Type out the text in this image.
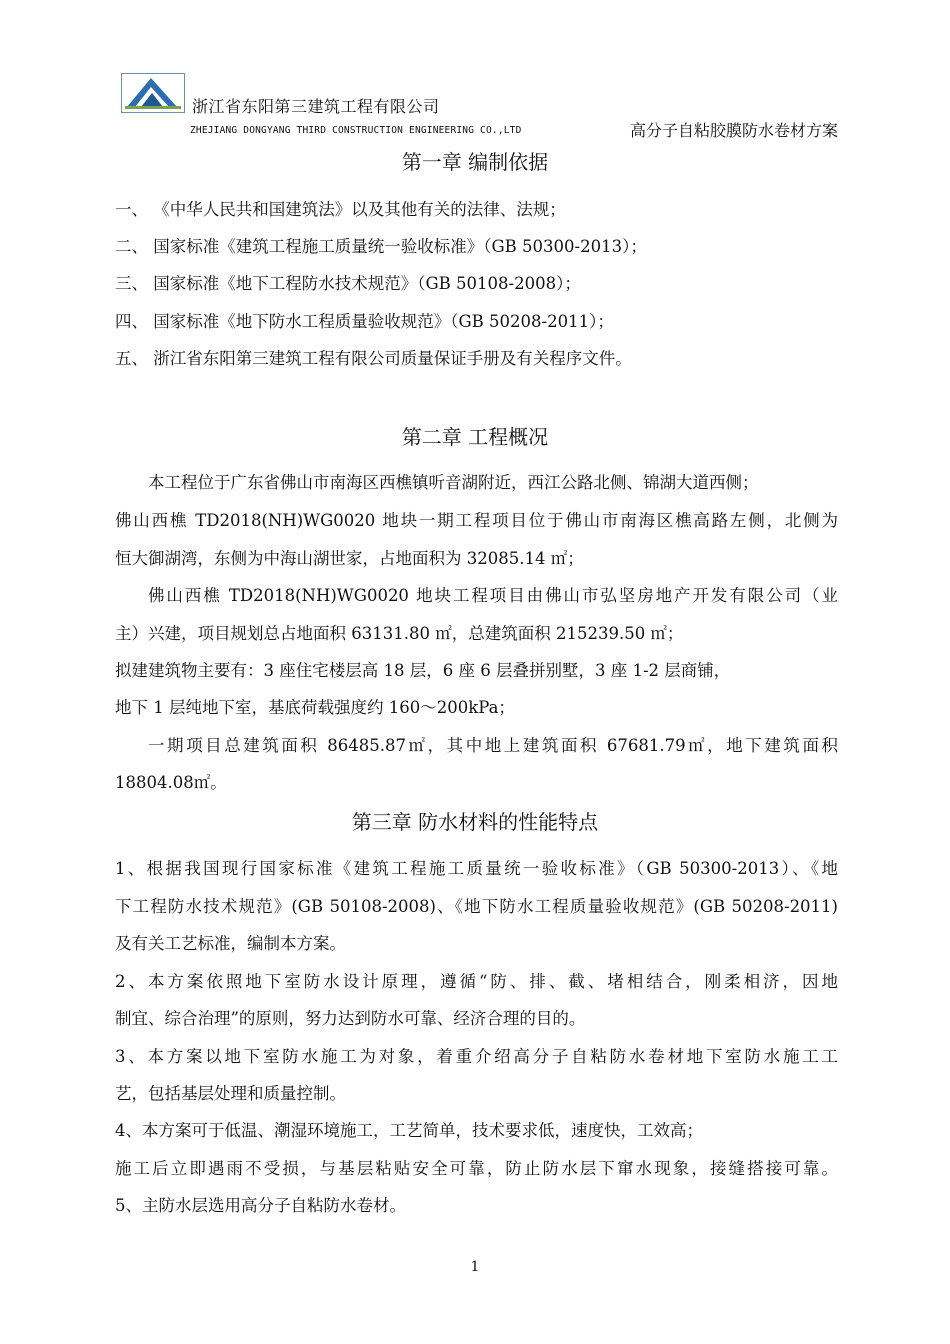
浙江省东阳第三建筑工程有限公司
ZHEJIANG DONGYANG THIRD CONSTRUCTION ENGINEERING CO.,LTD	高分子自粘胶膜防水卷材方案
第一章 编制依据
一、 《中华人民共和国建筑法》以及其他有关的法律、法规；
二、 国家标准《建筑工程施工质量统一验收标准》（GB 50300-2013）；
三、 国家标准《地下工程防水技术规范》（GB 50108-2008）；
四、 国家标准《地下防水工程质量验收规范》（GB 50208-2011）；
五、 浙江省东阳第三建筑工程有限公司质量保证手册及有关程序文件。
第二章 工程概况
本工程位于广东省佛山市南海区西樵镇听音湖附近，西江公路北侧、锦湖大道西侧；
佛山西樵 TD2018(NH)WG0020 地块一期工程项目位于佛山市南海区樵高路左侧，北侧为
恒大御湖湾，东侧为中海山湖世家，占地面积为 32085.14 ㎡；
佛山西樵 TD2018(NH)WG0020 地块工程项目由佛山市弘坚房地产开发有限公司（业
主）兴建，项目规划总占地面积 63131.80 ㎡，总建筑面积 215239.50 ㎡；
拟建建筑物主要有：3 座住宅楼层高 18 层，6 座 6 层叠拼别墅，3 座 1-2 层商铺，
地下 1 层纯地下室，基底荷载强度约 160～200kPa；
一期项目总建筑面积 86485.87㎡，其中地上建筑面积 67681.79㎡，地下建筑面积
18804.08㎡。
第三章 防水材料的性能特点
1、根据我国现行国家标准《建筑工程施工质量统一验收标准》（GB 50300-2013）、《地
下工程防水技术规范》(GB 50108-2008)、《地下防水工程质量验收规范》(GB 50208-2011)
及有关工艺标准，编制本方案。
2、本方案依照地下室防水设计原理，遵循“防、排、截、堵相结合，刚柔相济，因地
制宜、综合治理”的原则，努力达到防水可靠、经济合理的目的。
3、本方案以地下室防水施工为对象，着重介绍高分子自粘防水卷材地下室防水施工工
艺，包括基层处理和质量控制。
4、本方案可于低温、潮湿环境施工，工艺简单，技术要求低，速度快，工效高；
施工后立即遇雨不受损，与基层粘贴安全可靠，防止防水层下窜水现象，接缝搭接可靠。
5、主防水层选用高分子自粘防水卷材。
1
